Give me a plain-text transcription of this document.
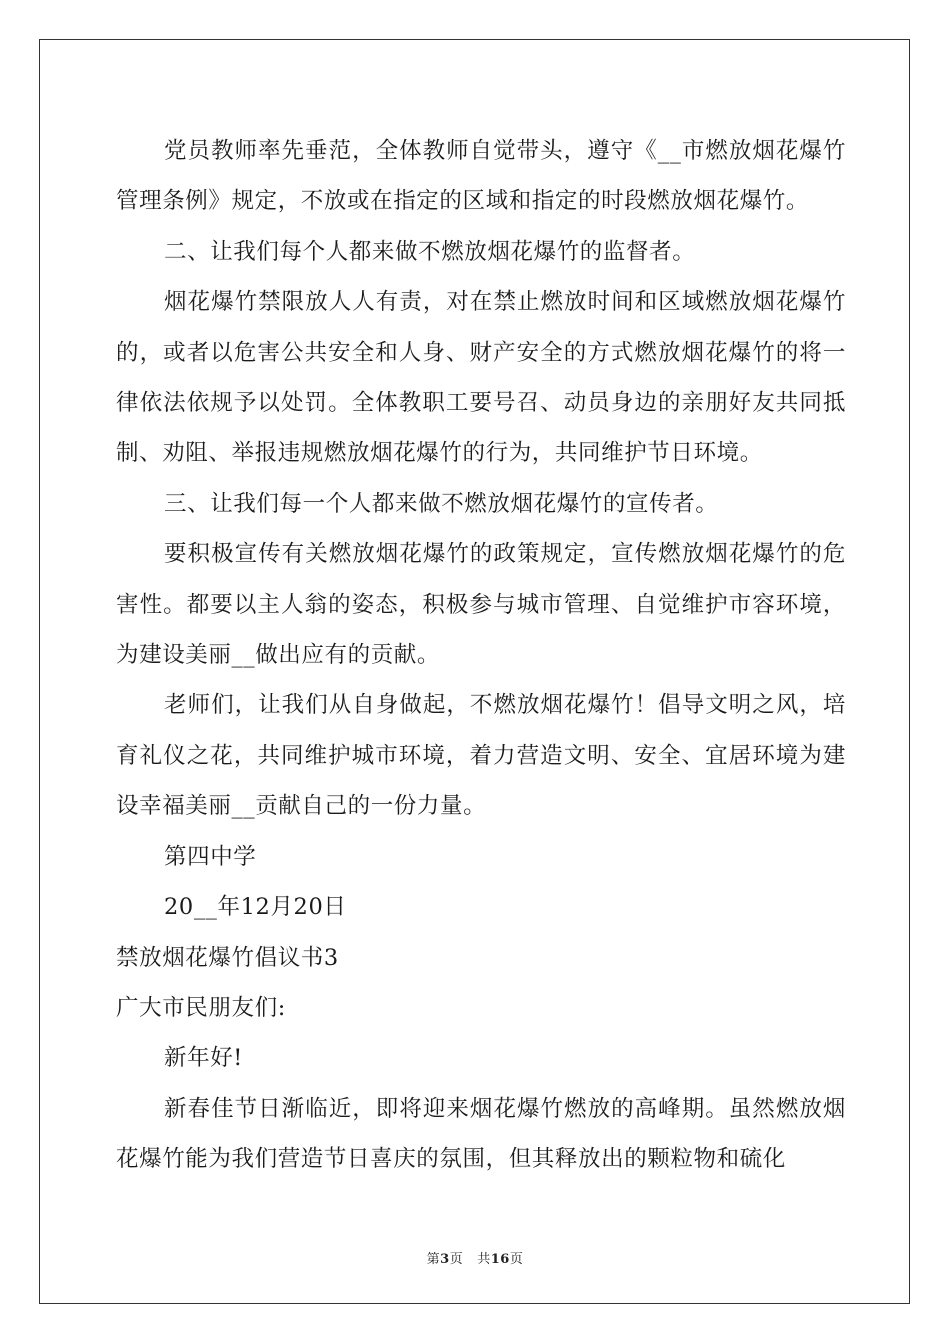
党员教师率先垂范，全体教师自觉带头，遵守《__市燃放烟花爆竹管理条例》规定，不放或在指定的区域和指定的时段燃放烟花爆竹。

二、让我们每个人都来做不燃放烟花爆竹的监督者。

烟花爆竹禁限放人人有责，对在禁止燃放时间和区域燃放烟花爆竹的，或者以危害公共安全和人身、财产安全的方式燃放烟花爆竹的将一律依法依规予以处罚。全体教职工要号召、动员身边的亲朋好友共同抵制、劝阻、举报违规燃放烟花爆竹的行为，共同维护节日环境。

三、让我们每一个人都来做不燃放烟花爆竹的宣传者。

要积极宣传有关燃放烟花爆竹的政策规定，宣传燃放烟花爆竹的危害性。都要以主人翁的姿态，积极参与城市管理、自觉维护市容环境，为建设美丽__做出应有的贡献。

老师们，让我们从自身做起，不燃放烟花爆竹！倡导文明之风，培育礼仪之花，共同维护城市环境，着力营造文明、安全、宜居环境为建设幸福美丽__贡献自己的一份力量。

第四中学

20__年12月20日

禁放烟花爆竹倡议书3

广大市民朋友们:

新年好!

新春佳节日渐临近，即将迎来烟花爆竹燃放的高峰期。虽然燃放烟花爆竹能为我们营造节日喜庆的氛围，但其释放出的颗粒物和硫化

第3页 共16页
